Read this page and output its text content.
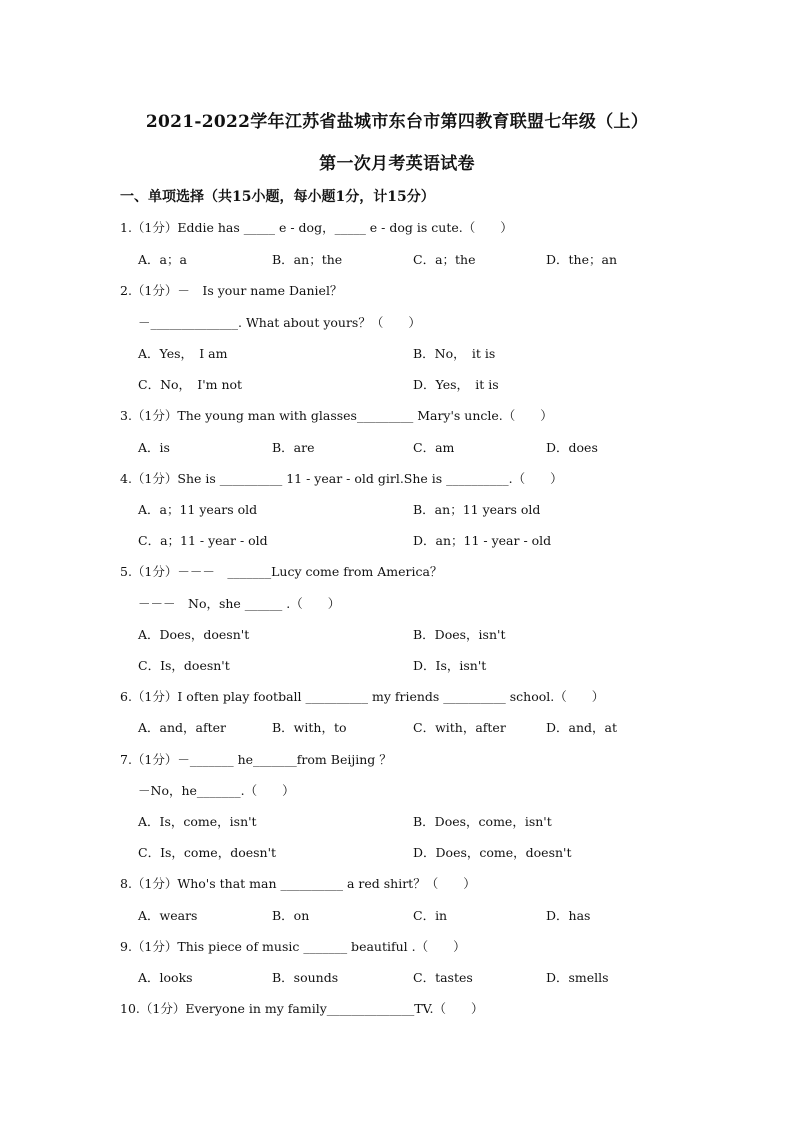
2021-2022学年江苏省盐城市东台市第四教育联盟七年级（上）
第一次月考英语试卷
一、单项选择（共15小题，每小题1分，计15分）
1.（1分）Eddie has _____ e - dog，_____ e - dog is cute.（　　）
A．a；a	B．an；the	C．a；the	D．the；an
2.（1分）－　Is your name Daniel？
－______________. What about yours？（　　）
A．Yes，　I am	B．No，　it is
C．No，　I'm not	D．Yes，　it is
3.（1分）The young man with glasses_________ Mary's uncle.（　　）
A．is	B．are	C．am	D．does
4.（1分）She is __________ 11 - year - old girl.She is __________.（　　）
A．a；11 years old	B．an；11 years old
C．a；11 - year - old	D．an；11 - year - old
5.（1分）－－－　_______Lucy come from America？
－－－　No，she ______ .（　　）
A．Does，doesn't	B．Does，isn't
C．Is，doesn't	D．Is，isn't
6.（1分）I often play football __________ my friends __________ school.（　　）
A．and，after	B．with，to	C．with，after	D．and，at
7.（1分）－_______ he_______from Beijing ？
－No，he_______.（　　）
A．Is，come，isn't	B．Does，come，isn't
C．Is，come，doesn't	D．Does，come，doesn't
8.（1分）Who's that man __________ a red shirt？（　　）
A．wears	B．on	C．in	D．has
9.（1分）This piece of music _______ beautiful .（　　）
A．looks	B．sounds	C．tastes	D．smells
10.（1分）Everyone in my family______________TV.（　　）
